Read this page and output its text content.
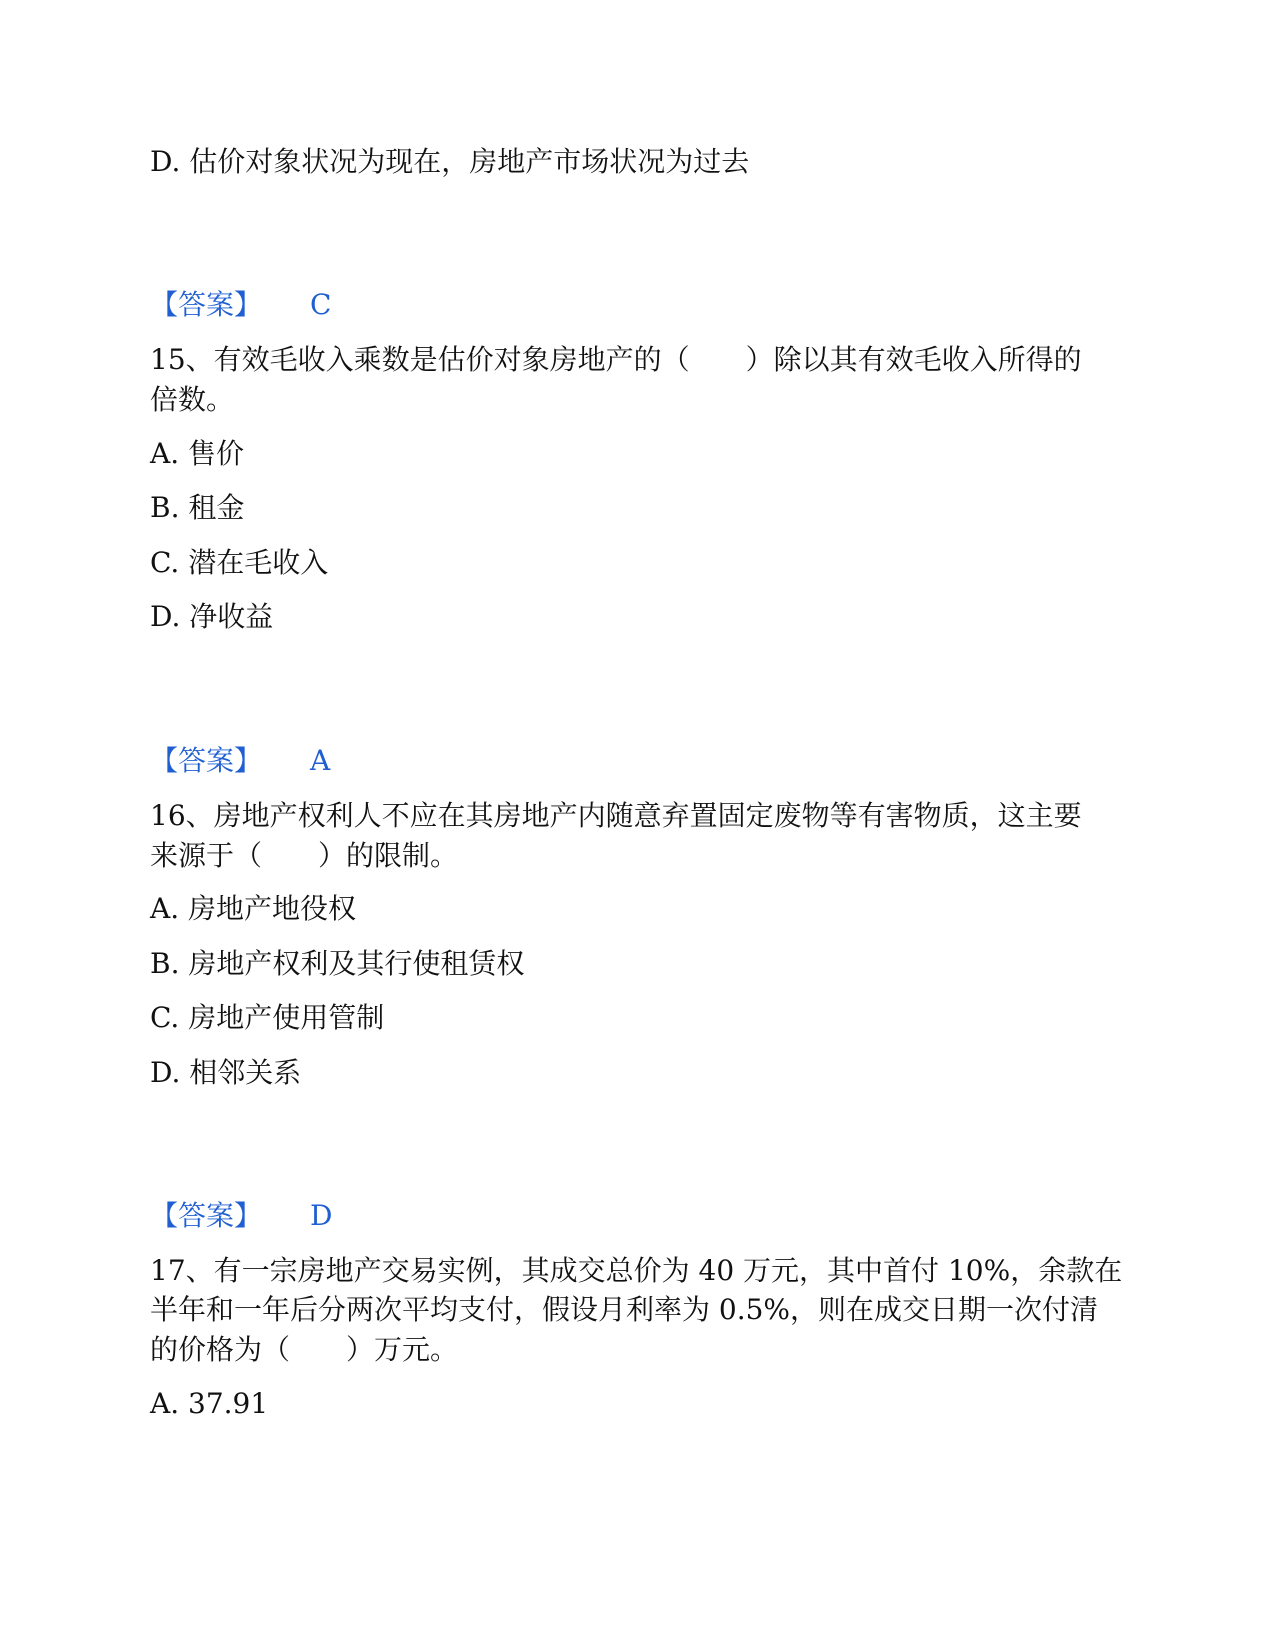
D. 估价对象状况为现在，房地产市场状况为过去
【答案】 C
15、有效毛收入乘数是估价对象房地产的（　　）除以其有效毛收入所得的
倍数。
A. 售价
B. 租金
C. 潜在毛收入
D. 净收益
【答案】 A
16、房地产权利人不应在其房地产内随意弃置固定废物等有害物质，这主要
来源于（　　）的限制。
A. 房地产地役权
B. 房地产权利及其行使租赁权
C. 房地产使用管制
D. 相邻关系
【答案】 D
17、有一宗房地产交易实例，其成交总价为 40 万元，其中首付 10%，余款在
半年和一年后分两次平均支付，假设月利率为 0.5%，则在成交日期一次付清
的价格为（　　）万元。
A. 37.91
